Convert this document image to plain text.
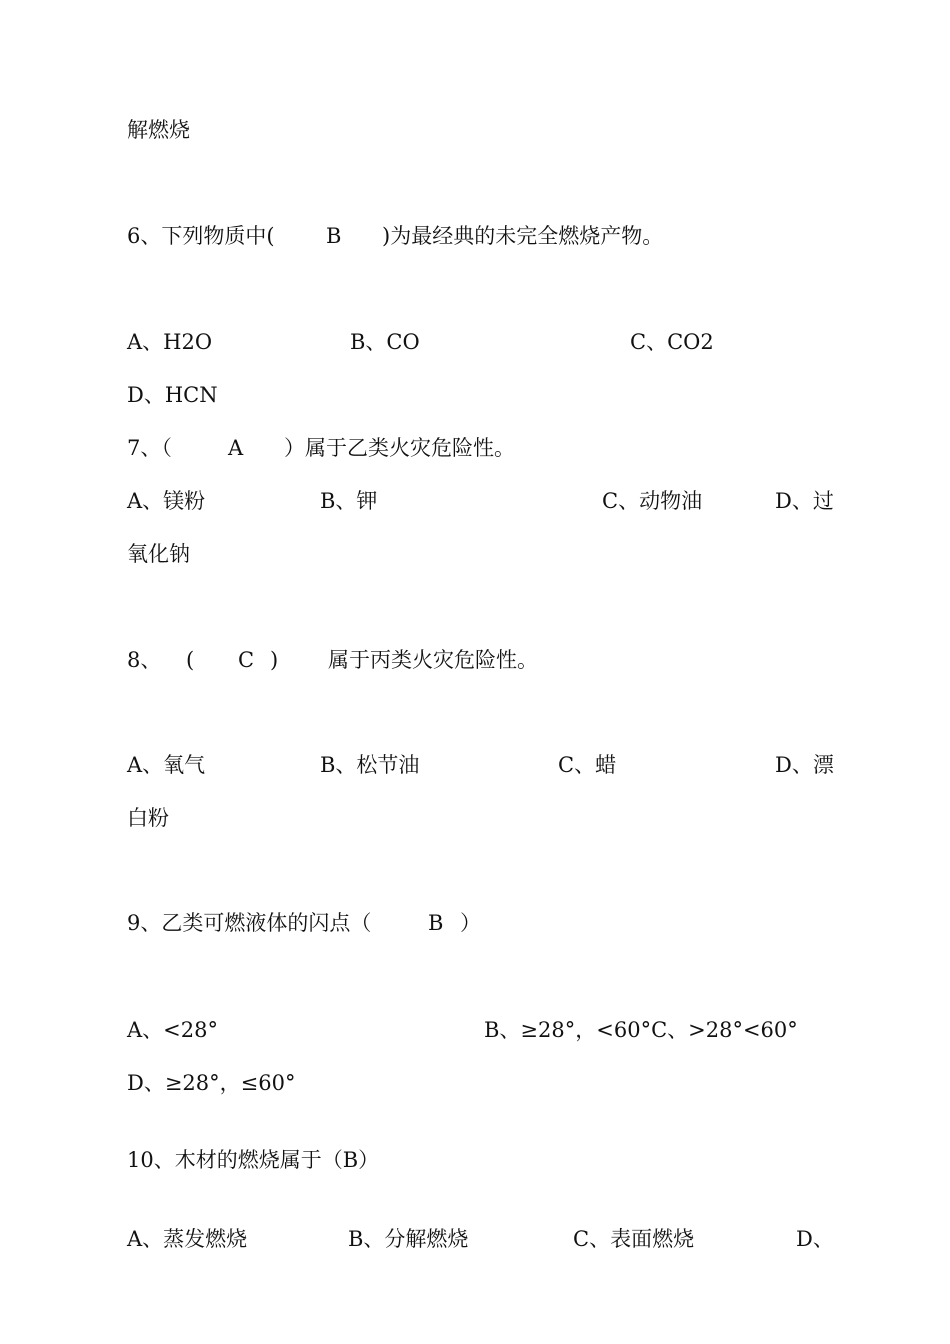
解燃烧
6、下列物质中( B )为最经典的未完全燃烧产物。
A、H2O	B、CO	C、CO2
D、HCN
7、（	A ）属于乙类火灾危险性。
A、镁粉	B、钾	C、动物油	D、过
氧化钠
8、 ( C ) 属于丙类火灾危险性。
A、氧气	B、松节油	C、蜡	D、漂
白粉
9、乙类可燃液体的闪点（	B ）
A、<28°	B、≥28°，<60°C、>28°<60°
D、≥28°，≤60°
10、木材的燃烧属于（B）
A、蒸发燃烧	B、分解燃烧	C、表面燃烧	D、
